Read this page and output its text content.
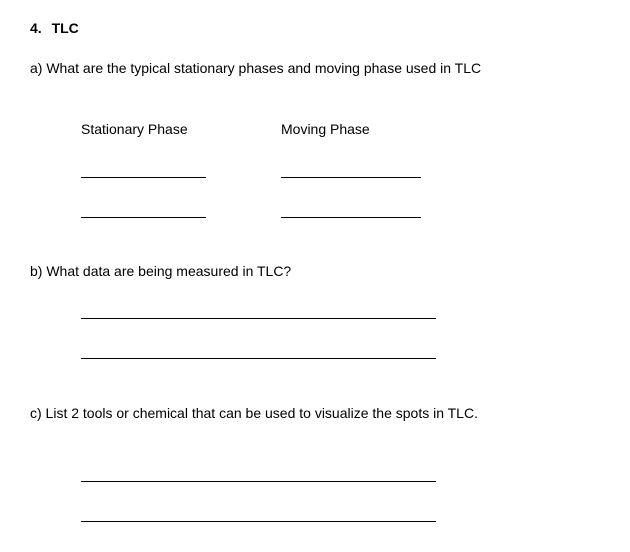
4. TLC
a) What are the typical stationary phases and moving phase used in TLC
Stationary Phase	Moving Phase
b) What data are being measured in TLC?
c) List 2 tools or chemical that can be used to visualize the spots in TLC.
